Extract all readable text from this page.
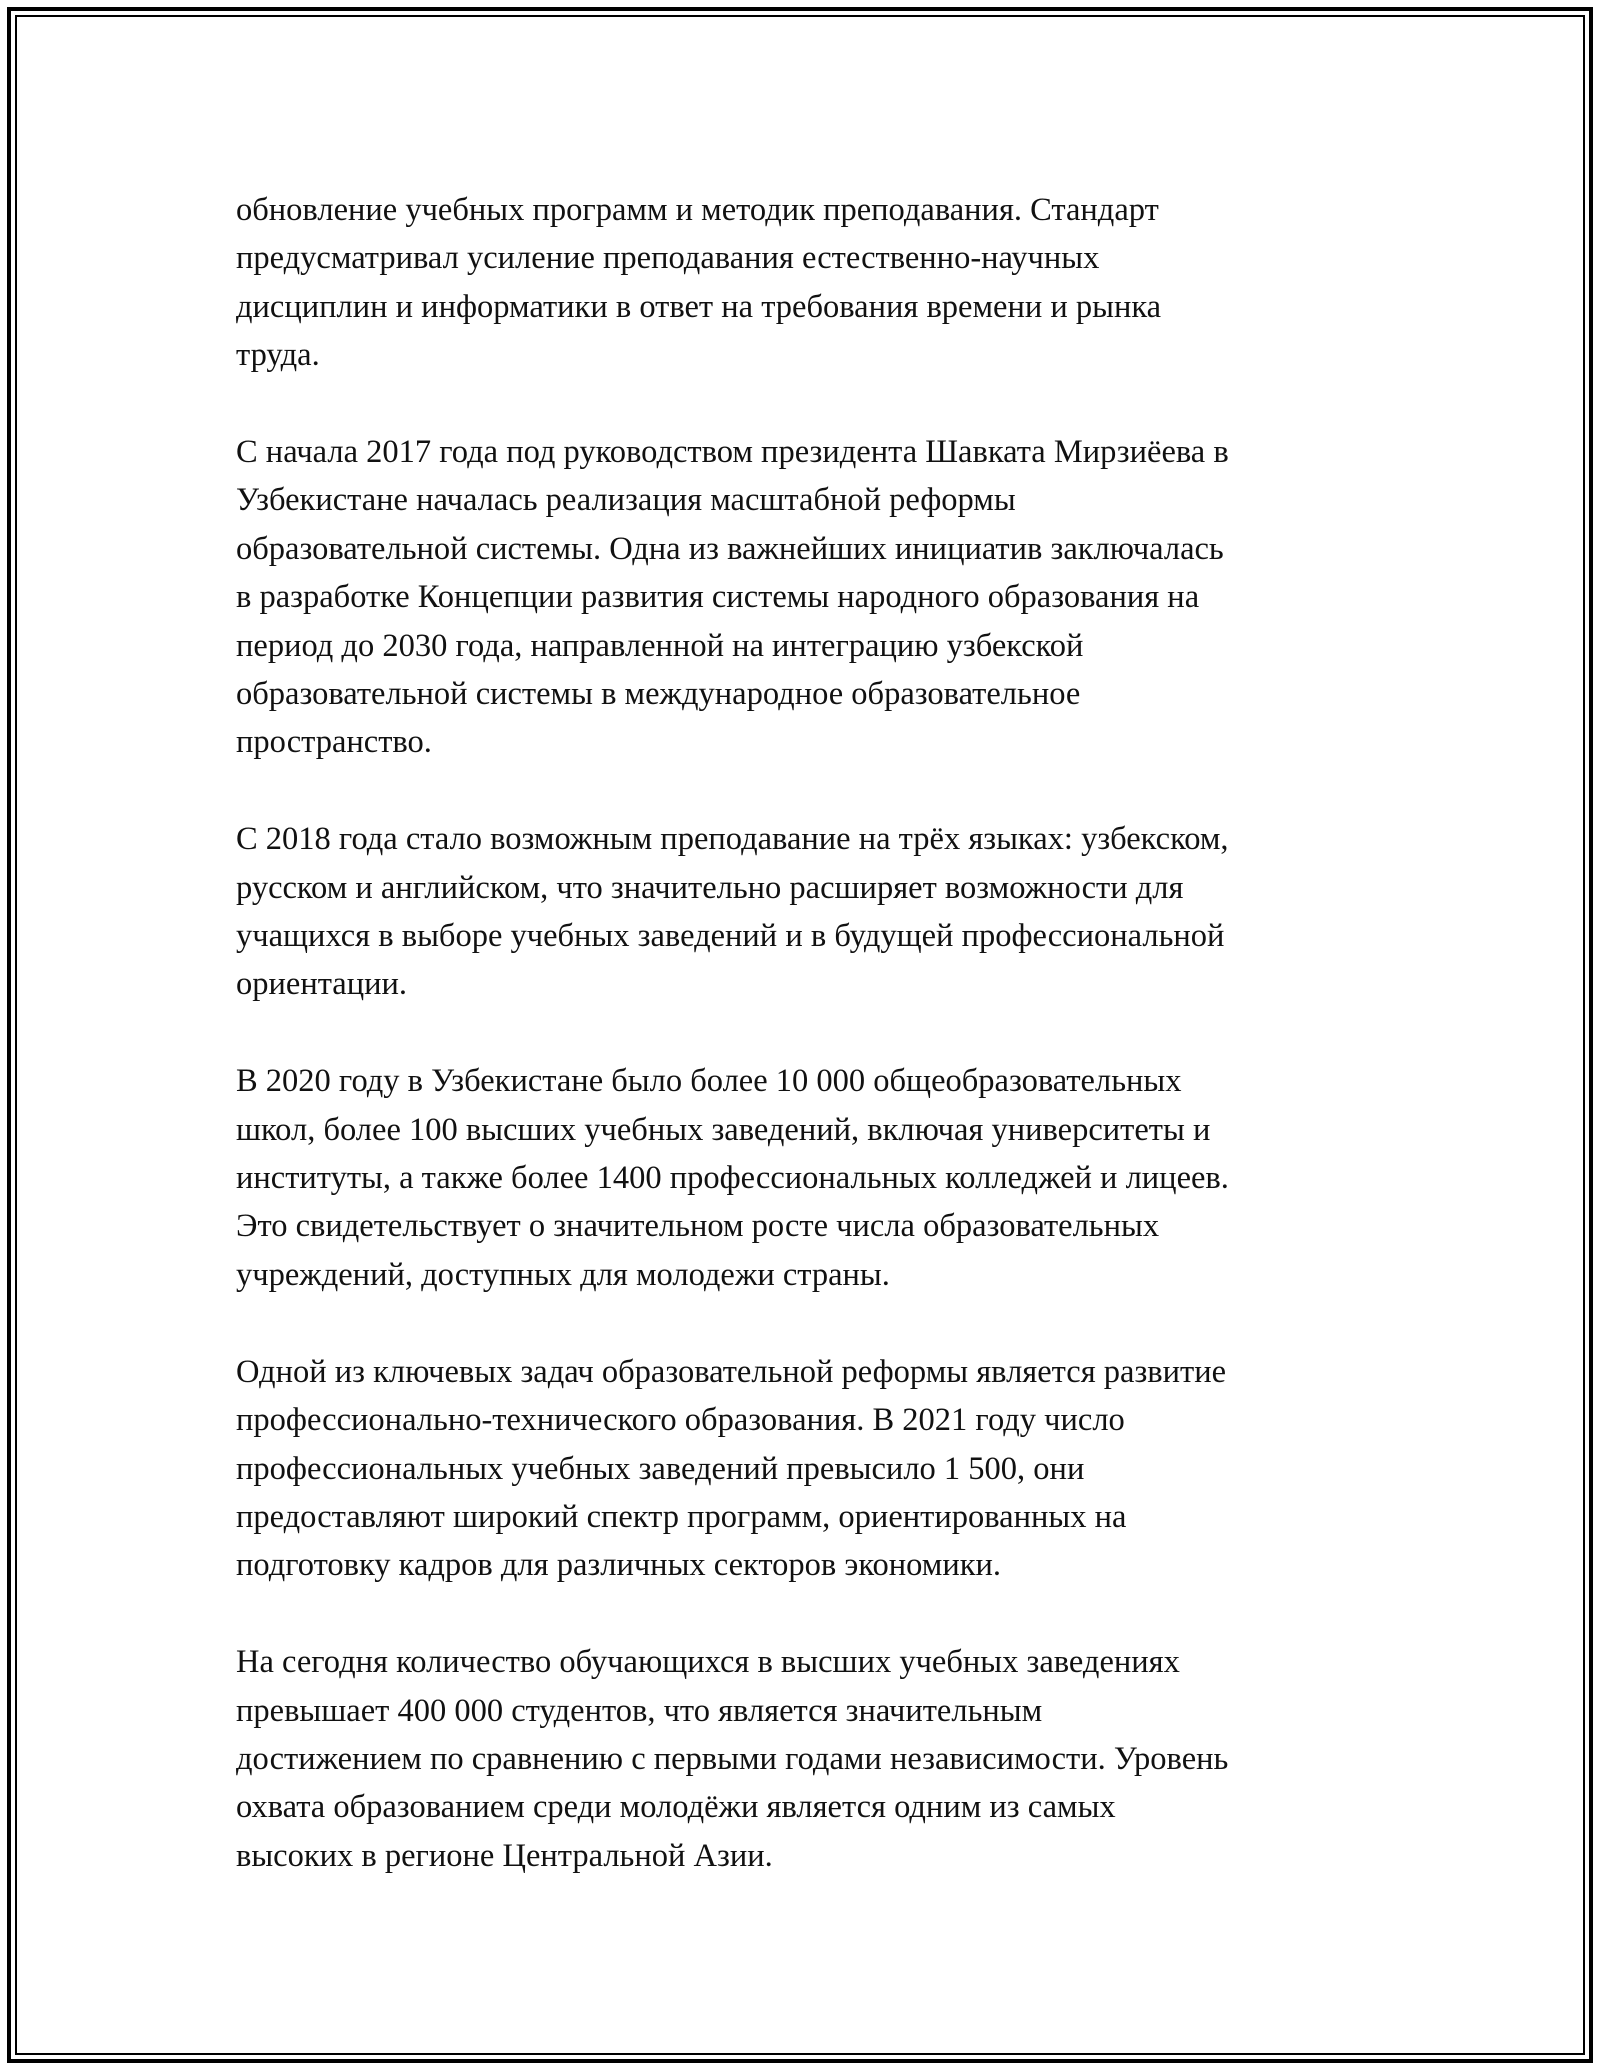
обновление учебных программ и методик преподавания. Стандарт
предусматривал усиление преподавания естественно-научных
дисциплин и информатики в ответ на требования времени и рынка
труда.

С начала 2017 года под руководством президента Шавката Мирзиёева в
Узбекистане началась реализация масштабной реформы
образовательной системы. Одна из важнейших инициатив заключалась
в разработке Концепции развития системы народного образования на
период до 2030 года, направленной на интеграцию узбекской
образовательной системы в международное образовательное
пространство.

С 2018 года стало возможным преподавание на трёх языках: узбекском,
русском и английском, что значительно расширяет возможности для
учащихся в выборе учебных заведений и в будущей профессиональной
ориентации.

В 2020 году в Узбекистане было более 10 000 общеобразовательных
школ, более 100 высших учебных заведений, включая университеты и
институты, а также более 1400 профессиональных колледжей и лицеев.
Это свидетельствует о значительном росте числа образовательных
учреждений, доступных для молодежи страны.

Одной из ключевых задач образовательной реформы является развитие
профессионально-технического образования. В 2021 году число
профессиональных учебных заведений превысило 1 500, они
предоставляют широкий спектр программ, ориентированных на
подготовку кадров для различных секторов экономики.

На сегодня количество обучающихся в высших учебных заведениях
превышает 400 000 студентов, что является значительным
достижением по сравнению с первыми годами независимости. Уровень
охвата образованием среди молодёжи является одним из самых
высоких в регионе Центральной Азии.
